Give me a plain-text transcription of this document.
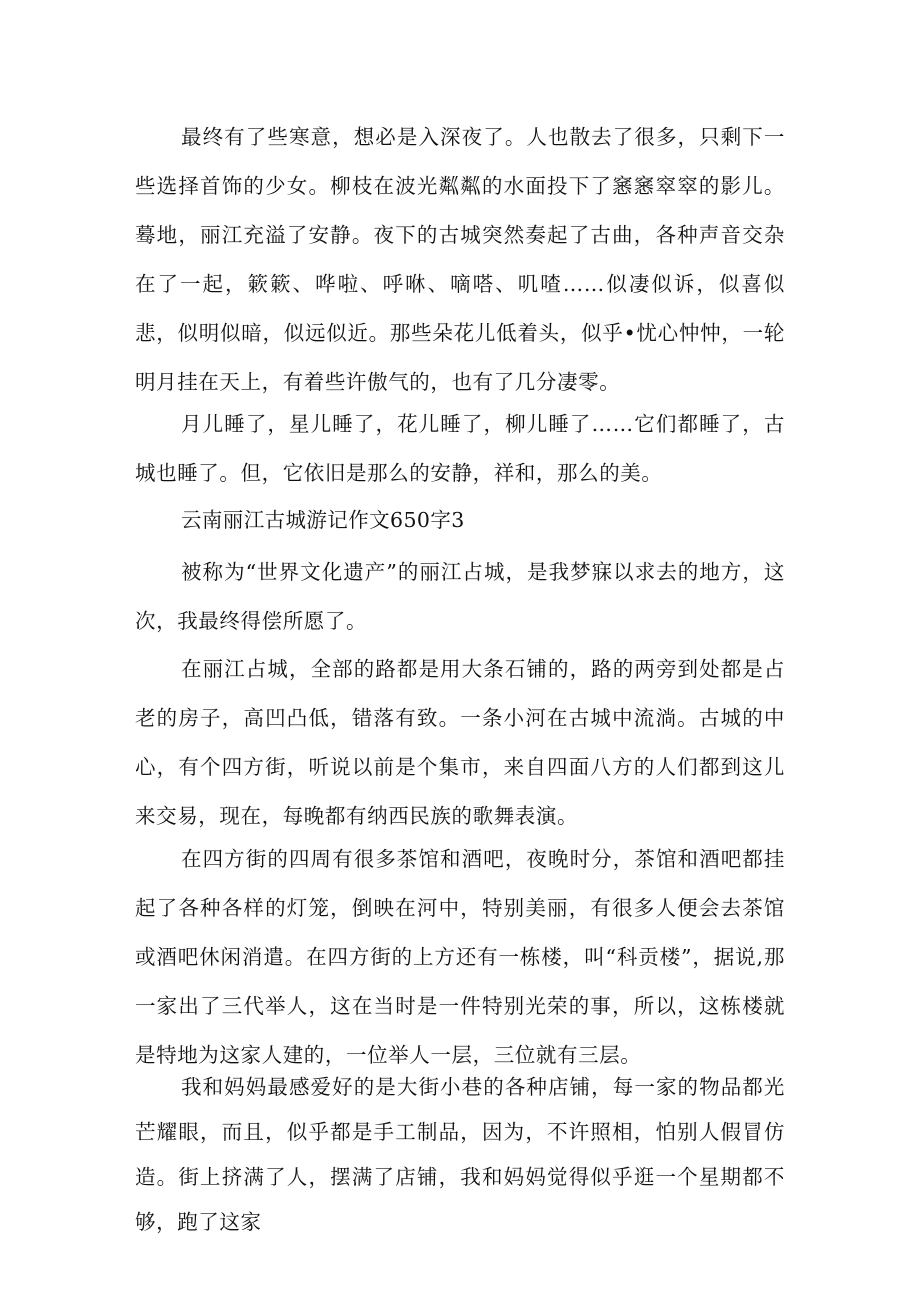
最终有了些寒意，想必是入深夜了。人也散去了很多，只剩下一些选择首饰的少女。柳枝在波光粼粼的水面投下了窸窸窣窣的影儿。蓦地，丽江充溢了安静。夜下的古城突然奏起了古曲，各种声音交杂在了一起，簌簌、哗啦、呼咻、嘀嗒、叽喳……似凄似诉，似喜似悲，似明似暗，似远似近。那些朵花儿低着头，似乎•忧心忡忡，一轮明月挂在天上，有着些许傲气的，也有了几分凄零。

月儿睡了，星儿睡了，花儿睡了，柳儿睡了……它们都睡了，古城也睡了。但，它依旧是那么的安静，祥和，那么的美。

云南丽江古城游记作文650字3

被称为“世界文化遗产”的丽江占城，是我梦寐以求去的地方，这次，我最终得偿所愿了。

在丽江占城，全部的路都是用大条石铺的，路的两旁到处都是占老的房子，高凹凸低，错落有致。一条小河在古城中流淌。古城的中心，有个四方街，听说以前是个集市，来自四面八方的人们都到这儿来交易，现在，每晚都有纳西民族的歌舞表演。

在四方街的四周有很多茶馆和酒吧，夜晚时分，茶馆和酒吧都挂起了各种各样的灯笼，倒映在河中，特别美丽，有很多人便会去茶馆或酒吧休闲消遣。在四方街的上方还有一栋楼，叫“科贡楼”，据说,那一家出了三代举人，这在当时是一件特别光荣的事，所以，这栋楼就是特地为这家人建的，一位举人一层，三位就有三层。

我和妈妈最感爱好的是大街小巷的各种店铺，每一家的物品都光芒耀眼，而且，似乎都是手工制品，因为，不许照相，怕别人假冒仿造。街上挤满了人，摆满了店铺，我和妈妈觉得似乎逛一个星期都不够，跑了这家
